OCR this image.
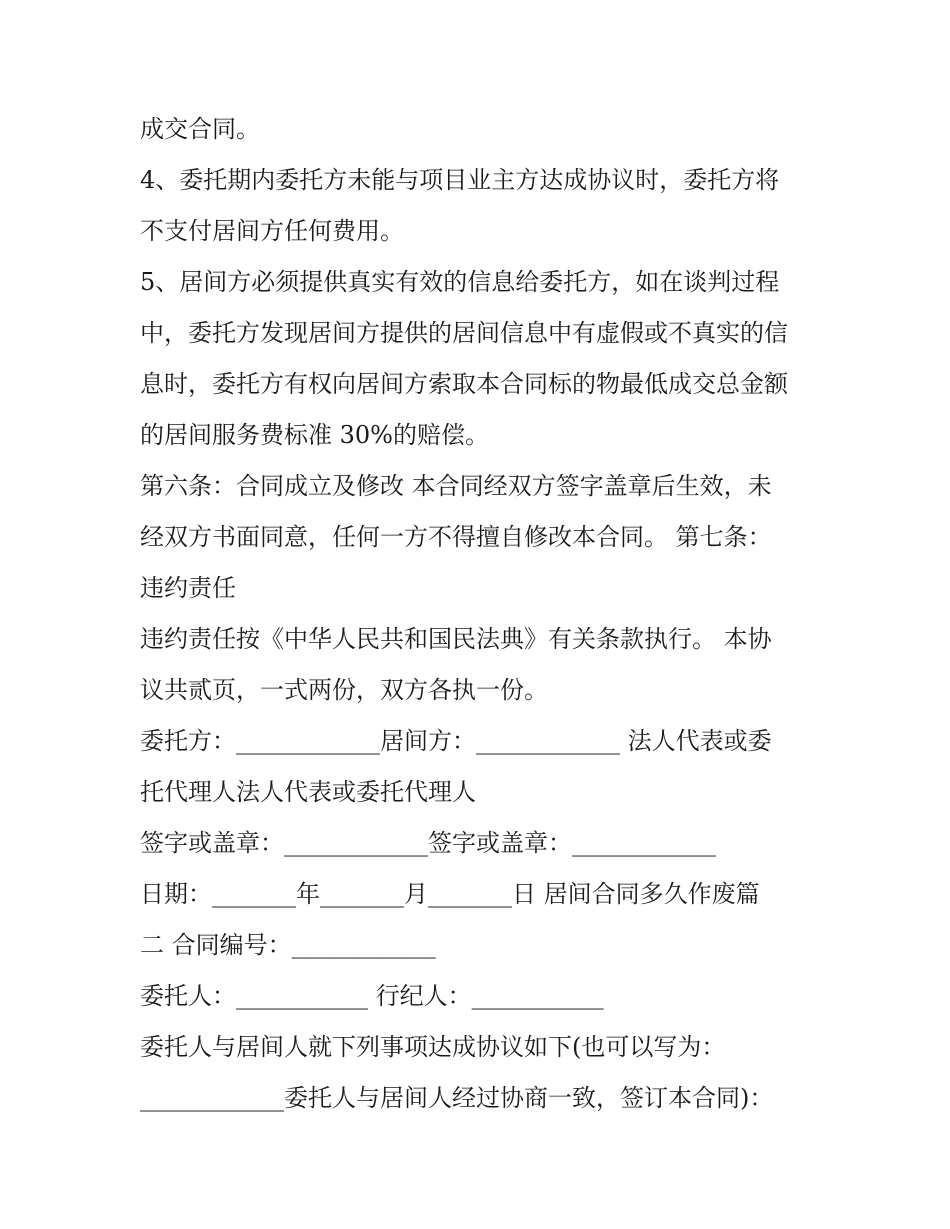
成交合同。
4、委托期内委托方未能与项目业主方达成协议时，委托方将
不支付居间方任何费用。
5、居间方必须提供真实有效的信息给委托方，如在谈判过程
中，委托方发现居间方提供的居间信息中有虚假或不真实的信
息时，委托方有权向居间方索取本合同标的物最低成交总金额
的居间服务费标准 30%的赔偿。
第六条：合同成立及修改 本合同经双方签字盖章后生效，未
经双方书面同意，任何一方不得擅自修改本合同。 第七条：
违约责任
违约责任按《中华人民共和国民法典》有关条款执行。 本协
议共贰页，一式两份，双方各执一份。
委托方：____________居间方：____________ 法人代表或委
托代理人法人代表或委托代理人
签字或盖章：____________签字或盖章：____________
日期：_______年_______月_______日 居间合同多久作废篇
二 合同编号：____________
委托人：___________ 行纪人：___________
委托人与居间人就下列事项达成协议如下(也可以写为：
____________委托人与居间人经过协商一致，签订本合同)：
